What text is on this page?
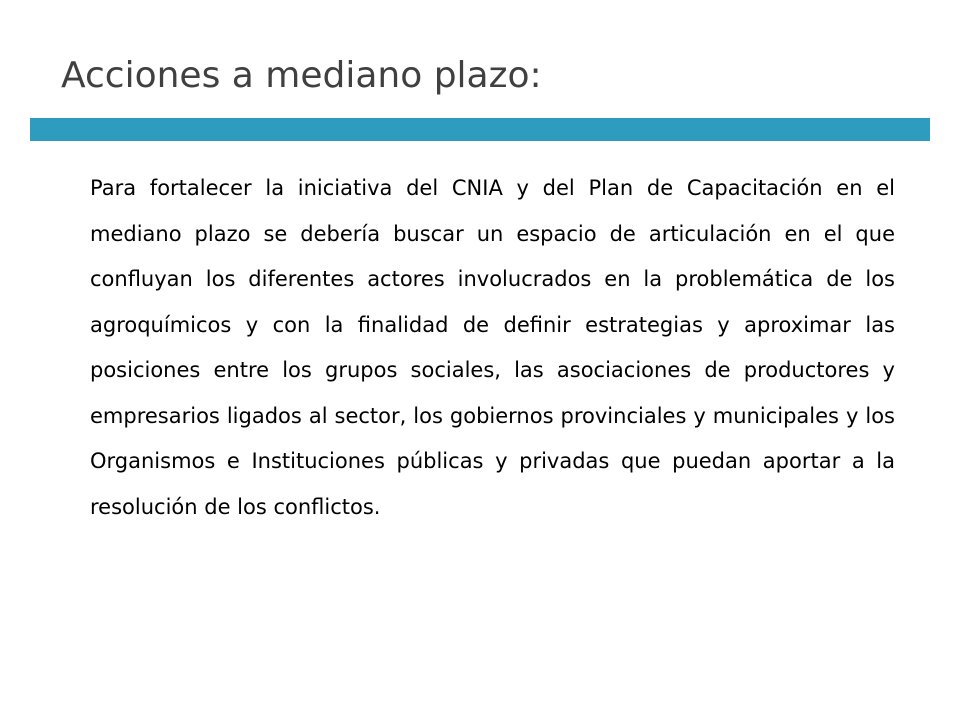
Acciones a mediano plazo:

Para fortalecer la iniciativa del CNIA y del Plan de Capacitación en el mediano plazo se debería buscar un espacio de articulación en el que confluyan los diferentes actores involucrados en la problemática de los agroquímicos y con la finalidad de definir estrategias y aproximar las posiciones entre los grupos sociales, las asociaciones de productores y empresarios ligados al sector, los gobiernos provinciales y municipales y los Organismos e Instituciones públicas y privadas que puedan aportar a la resolución de los conflictos.
